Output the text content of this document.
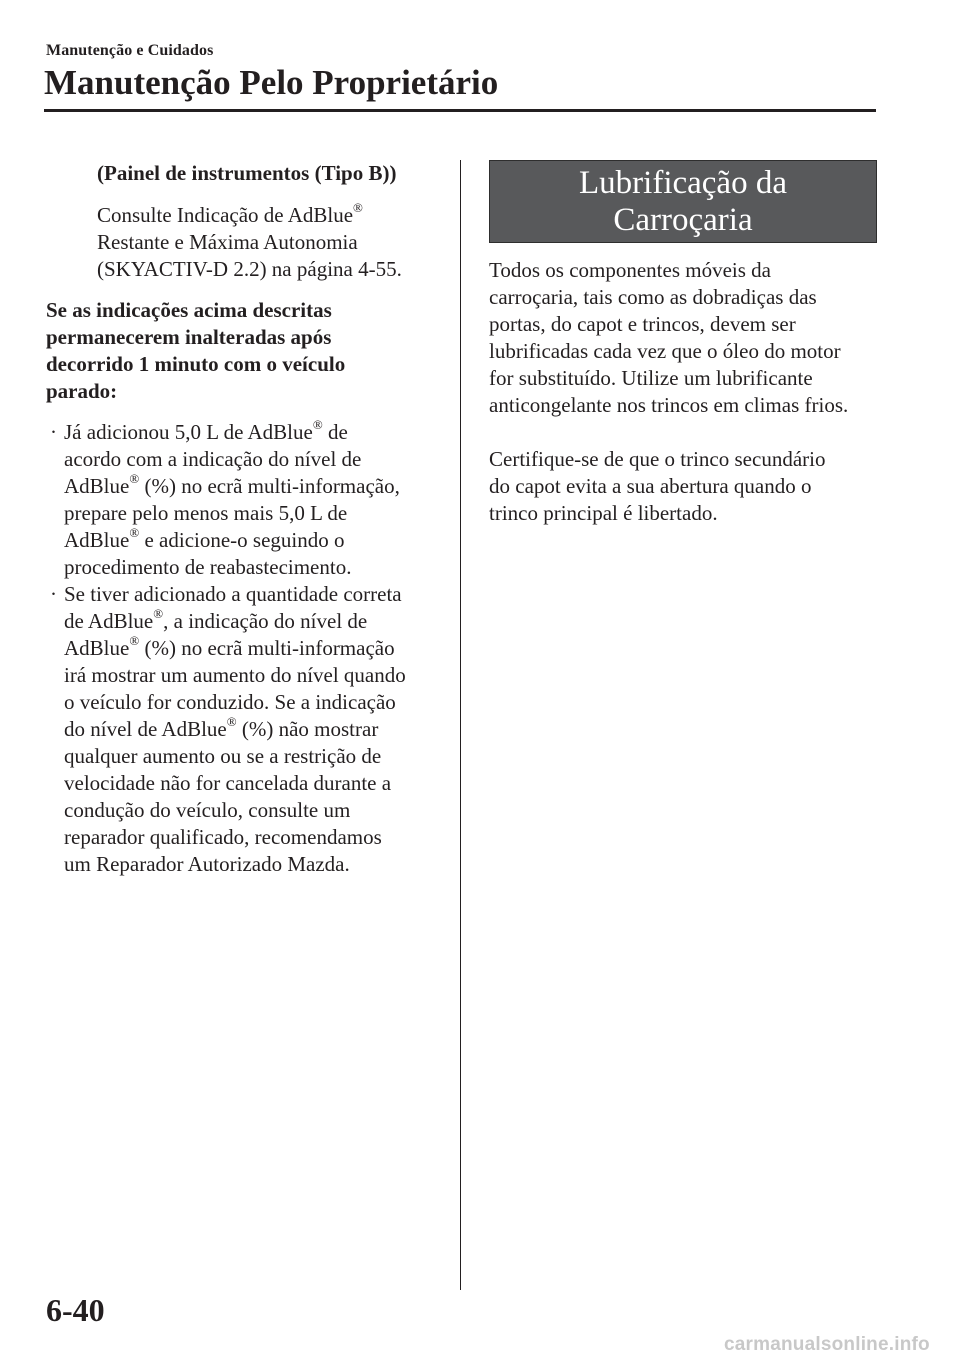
Manutenção e Cuidados
Manutenção Pelo Proprietário

(Painel de instrumentos (Tipo B))

Consulte Indicação de AdBlue®
Restante e Máxima Autonomia
(SKYACTIV-D 2.2) na página 4-55.

Se as indicações acima descritas
permanecerem inalteradas após
decorrido 1 minuto com o veículo
parado:

· Já adicionou 5,0 L de AdBlue® de
acordo com a indicação do nível de
AdBlue® (%) no ecrã multi-informação,
prepare pelo menos mais 5,0 L de
AdBlue® e adicione-o seguindo o
procedimento de reabastecimento.
· Se tiver adicionado a quantidade correta
de AdBlue®, a indicação do nível de
AdBlue® (%) no ecrã multi-informação
irá mostrar um aumento do nível quando
o veículo for conduzido. Se a indicação
do nível de AdBlue® (%) não mostrar
qualquer aumento ou se a restrição de
velocidade não for cancelada durante a
condução do veículo, consulte um
reparador qualificado, recomendamos
um Reparador Autorizado Mazda.
Lubrificação da
Carroçaria

Todos os componentes móveis da
carroçaria, tais como as dobradiças das
portas, do capot e trincos, devem ser
lubrificadas cada vez que o óleo do motor
for substituído. Utilize um lubrificante
anticongelante nos trincos em climas frios.

Certifique-se de que o trinco secundário
do capot evita a sua abertura quando o
trinco principal é libertado.

6-40
carmanualsonline.info
